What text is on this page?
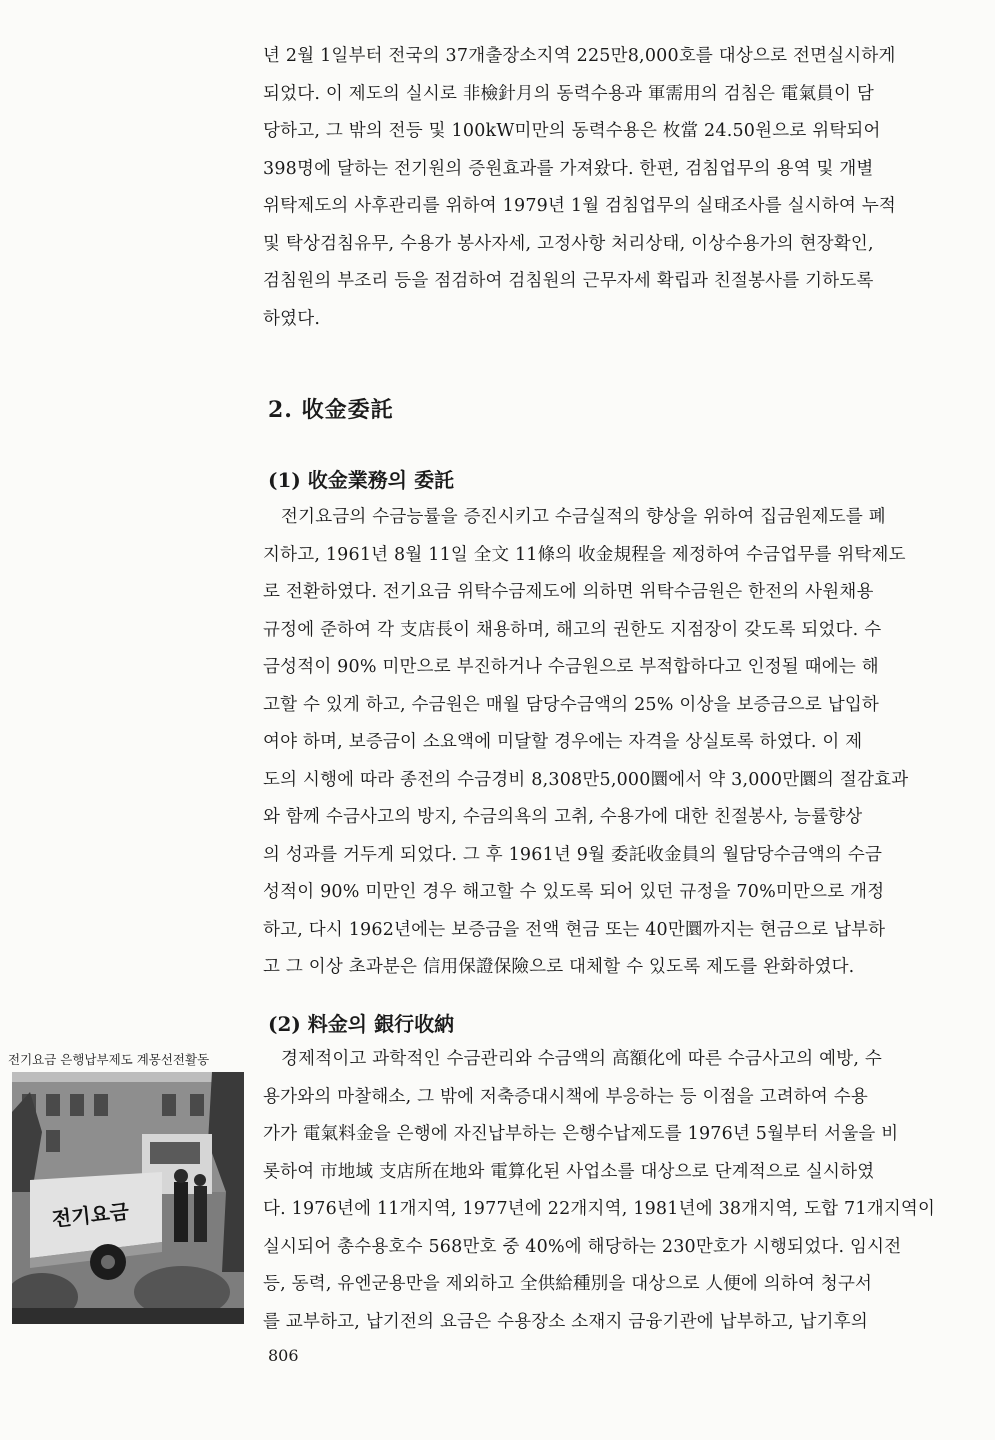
년 2월 1일부터 전국의 37개출장소지역 225만8,000호를 대상으로 전면실시하게

되었다. 이 제도의 실시로 非檢針月의 동력수용과 軍需用의 검침은 電氣員이 담

당하고, 그 밖의 전등 및 100kW미만의 동력수용은 枚當 24.50원으로 위탁되어

398명에 달하는 전기원의 증원효과를 가져왔다. 한편, 검침업무의 용역 및 개별

위탁제도의 사후관리를 위하여 1979년 1월 검침업무의 실태조사를 실시하여 누적

및 탁상검침유무, 수용가 봉사자세, 고정사항 처리상태, 이상수용가의 현장확인,

검침원의 부조리 등을 점검하여 검침원의 근무자세 확립과 친절봉사를 기하도록

하였다.

2. 收金委託
(1) 收金業務의 委託

전기요금의 수금능률을 증진시키고 수금실적의 향상을 위하여 집금원제도를 폐

지하고, 1961년 8월 11일 全文 11條의 收金規程을 제정하여 수금업무를 위탁제도

로 전환하였다. 전기요금 위탁수금제도에 의하면 위탁수금원은 한전의 사원채용

규정에 준하여 각 支店長이 채용하며, 해고의 권한도 지점장이 갖도록 되었다. 수

금성적이 90% 미만으로 부진하거나 수금원으로 부적합하다고 인정될 때에는 해

고할 수 있게 하고, 수금원은 매월 담당수금액의 25% 이상을 보증금으로 납입하

여야 하며, 보증금이 소요액에 미달할 경우에는 자격을 상실토록 하였다. 이 제

도의 시행에 따라 종전의 수금경비 8,308만5,000圜에서 약 3,000만圜의 절감효과

와 함께 수금사고의 방지, 수금의욕의 고취, 수용가에 대한 친절봉사, 능률향상

의 성과를 거두게 되었다. 그 후 1961년 9월 委託收金員의 월담당수금액의 수금

성적이 90% 미만인 경우 해고할 수 있도록 되어 있던 규정을 70%미만으로 개정

하고, 다시 1962년에는 보증금을 전액 현금 또는 40만圜까지는 현금으로 납부하

고 그 이상 초과분은 信用保證保險으로 대체할 수 있도록 제도를 완화하였다.

(2) 料金의 銀行收納

경제적이고 과학적인 수금관리와 수금액의 高額化에 따른 수금사고의 예방, 수

용가와의 마찰해소, 그 밖에 저축증대시책에 부응하는 등 이점을 고려하여 수용

가가 電氣料金을 은행에 자진납부하는 은행수납제도를 1976년 5월부터 서울을 비

롯하여 市地域 支店所在地와 電算化된 사업소를 대상으로 단계적으로 실시하였

다. 1976년에 11개지역, 1977년에 22개지역, 1981년에 38개지역, 도합 71개지역이

실시되어 총수용호수 568만호 중 40%에 해당하는 230만호가 시행되었다. 임시전

등, 동력, 유엔군용만을 제외하고 全供給種別을 대상으로 人便에 의하여 청구서

를 교부하고, 납기전의 요금은 수용장소 소재지 금융기관에 납부하고, 납기후의

전기요금 은행납부제도 계몽선전활동
전기요금
806
